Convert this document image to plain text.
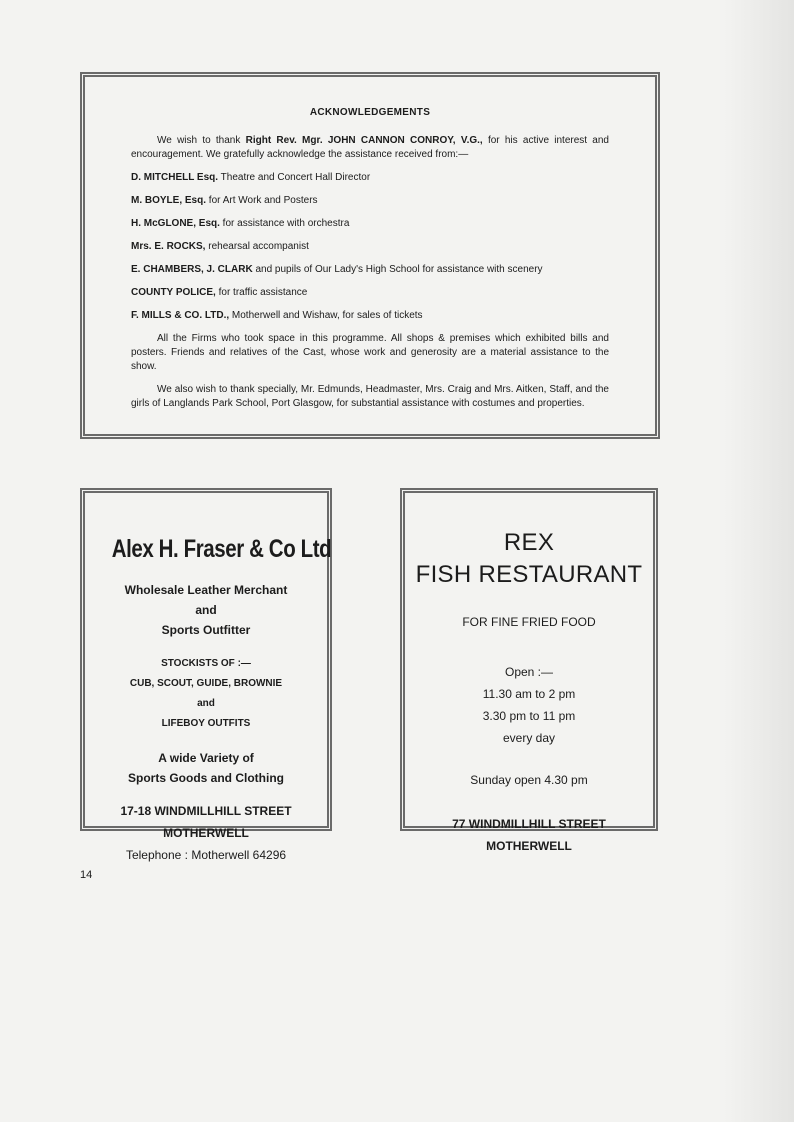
ACKNOWLEDGEMENTS

We wish to thank Right Rev. Mgr. JOHN CANNON CONROY, V.G., for his active interest and encouragement. We gratefully acknowledge the assistance received from:—

D. MITCHELL Esq. Theatre and Concert Hall Director
M. BOYLE, Esq. for Art Work and Posters
H. McGLONE, Esq. for assistance with orchestra
Mrs. E. ROCKS, rehearsal accompanist
E. CHAMBERS, J. CLARK and pupils of Our Lady's High School for assistance with scenery
COUNTY POLICE, for traffic assistance
F. MILLS & CO. LTD., Motherwell and Wishaw, for sales of tickets

All the Firms who took space in this programme. All shops & premises which exhibited bills and posters. Friends and relatives of the Cast, whose work and generosity are a material assistance to the show.

We also wish to thank specially, Mr. Edmunds, Headmaster, Mrs. Craig and Mrs. Aitken, Staff, and the girls of Langlands Park School, Port Glasgow, for substantial assistance with costumes and properties.

Alex H. Fraser & Co Ltd

Wholesale Leather Merchant

and

Sports Outfitter

STOCKISTS OF :—

CUB, SCOUT, GUIDE, BROWNIE

and

LIFEBOY OUTFITS

A wide Variety of

Sports Goods and Clothing

17-18 WINDMILLHILL STREET

MOTHERWELL

Telephone : Motherwell 64296

REX

FISH RESTAURANT

FOR FINE FRIED FOOD

Open :—

11.30 am to 2 pm

3.30 pm to 11 pm

every day

Sunday open 4.30 pm

77 WINDMILLHILL STREET

MOTHERWELL

14
